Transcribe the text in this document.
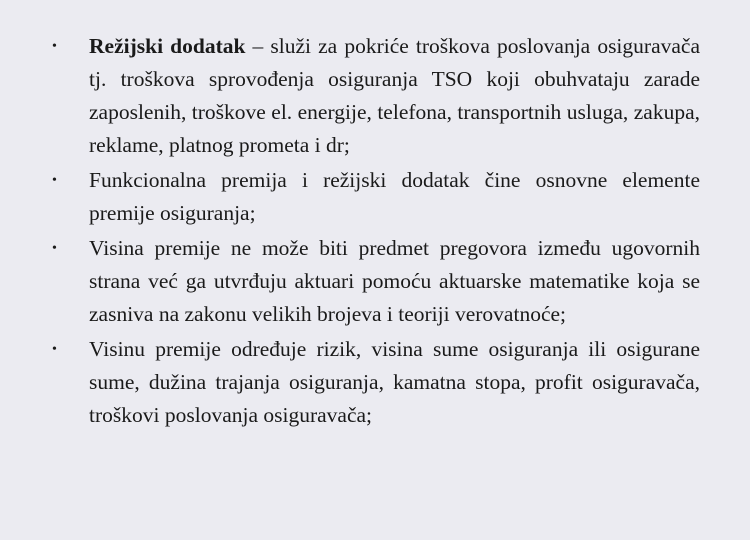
• Režijski dodatak – služi za pokriće troškova poslovanja osiguravača tj. troškova sprovođenja osiguranja TSO koji obuhvataju zarade zaposlenih, troškove el. energije, telefona, transportnih usluga, zakupa, reklame, platnog prometa i dr;
• Funkcionalna premija i režijski dodatak čine osnovne elemente premije osiguranja;
• Visina premije ne može biti predmet pregovora između ugovornih strana već ga utvrđuju aktuari pomoću aktuarske matematike koja se zasniva na zakonu velikih brojeva i teoriji verovatnoće;
• Visinu premije određuje rizik, visina sume osiguranja ili osigurane sume, dužina trajanja osiguranja, kamatna stopa, profit osiguravača, troškovi poslovanja osiguravača;
